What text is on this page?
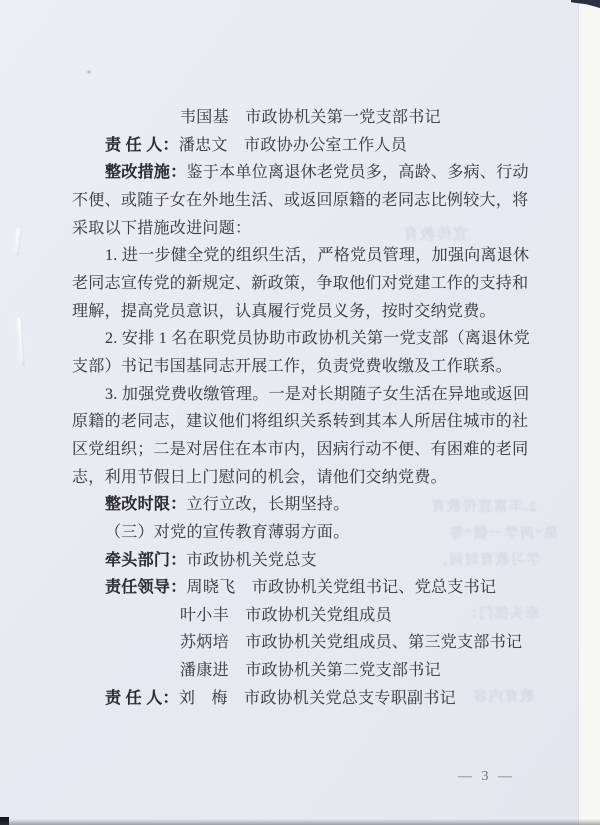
宣传教育
2.丰富宣传教育
果“两学一做”等
学习教育时间，
牵头部门：
教育内容
韦国基　市政协机关第一党支部书记
责 任 人：潘忠文　市政协办公室工作人员
整改措施：鉴于本单位离退休老党员多，高龄、多病、行动
不便、或随子女在外地生活、或返回原籍的老同志比例较大，将
采取以下措施改进问题：
1. 进一步健全党的组织生活，严格党员管理，加强向离退休
老同志宣传党的新规定、新政策，争取他们对党建工作的支持和
理解，提高党员意识，认真履行党员义务，按时交纳党费。
2. 安排 1 名在职党员协助市政协机关第一党支部（离退休党
支部）书记韦国基同志开展工作，负责党费收缴及工作联系。
3. 加强党费收缴管理。一是对长期随子女生活在异地或返回
原籍的老同志，建议他们将组织关系转到其本人所居住城市的社
区党组织；二是对居住在本市内，因病行动不便、有困难的老同
志，利用节假日上门慰问的机会，请他们交纳党费。
整改时限：立行立改，长期坚持。
（三）对党的宣传教育薄弱方面。
牵头部门：市政协机关党总支
责任领导：周晓飞　市政协机关党组书记、党总支书记
叶小丰　市政协机关党组成员
苏炳培　市政协机关党组成员、第三党支部书记
潘康进　市政协机关第二党支部书记
责 任 人：刘　梅　市政协机关党总支专职副书记
— 3 —
